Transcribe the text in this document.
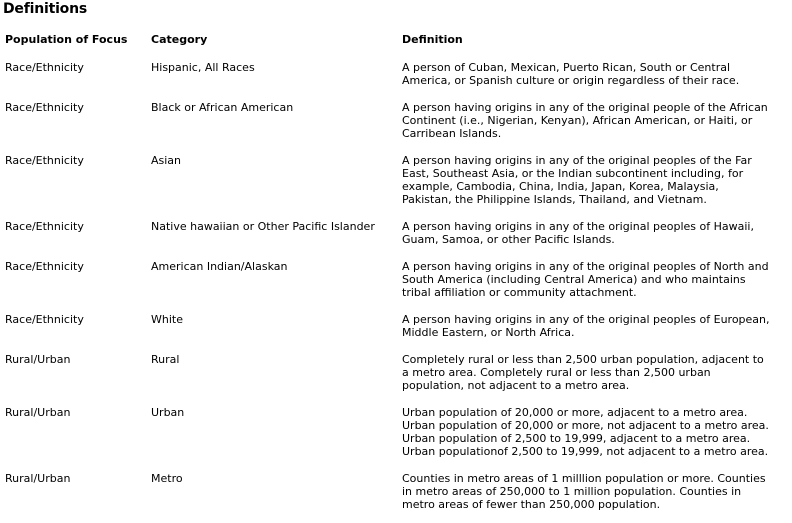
Definitions
Population of Focus	Category	Definition
Race/Ethnicity	Hispanic, All Races	A person of Cuban, Mexican, Puerto Rican, South or Central
America, or Spanish culture or origin regardless of their race.

Race/Ethnicity	Black or African American	A person having origins in any of the original people of the African
Continent (i.e., Nigerian, Kenyan), African American, or Haiti, or
Carribean Islands.

Race/Ethnicity	Asian	A person having origins in any of the original peoples of the Far
East, Southeast Asia, or the Indian subcontinent including, for
example, Cambodia, China, India, Japan, Korea, Malaysia,
Pakistan, the Philippine Islands, Thailand, and Vietnam.

Race/Ethnicity	Native hawaiian or Other Pacific Islander	A person having origins in any of the original peoples of Hawaii,
Guam, Samoa, or other Pacific Islands.

Race/Ethnicity	American Indian/Alaskan	A person having origins in any of the original peoples of North and
South America (including Central America) and who maintains
tribal affiliation or community attachment.

Race/Ethnicity	White	A person having origins in any of the original peoples of European,
Middle Eastern, or North Africa.

Rural/Urban	Rural	Completely rural or less than 2,500 urban population, adjacent to
a metro area. Completely rural or less than 2,500 urban
population, not adjacent to a metro area.

Rural/Urban	Urban	Urban population of 20,000 or more, adjacent to a metro area.
Urban population of 20,000 or more, not adjacent to a metro area.
Urban population of 2,500 to 19,999, adjacent to a metro area.
Urban populationof 2,500 to 19,999, not adjacent to a metro area.

Rural/Urban	Metro	Counties in metro areas of 1 milllion population or more. Counties
in metro areas of 250,000 to 1 million population. Counties in
metro areas of fewer than 250,000 population.
